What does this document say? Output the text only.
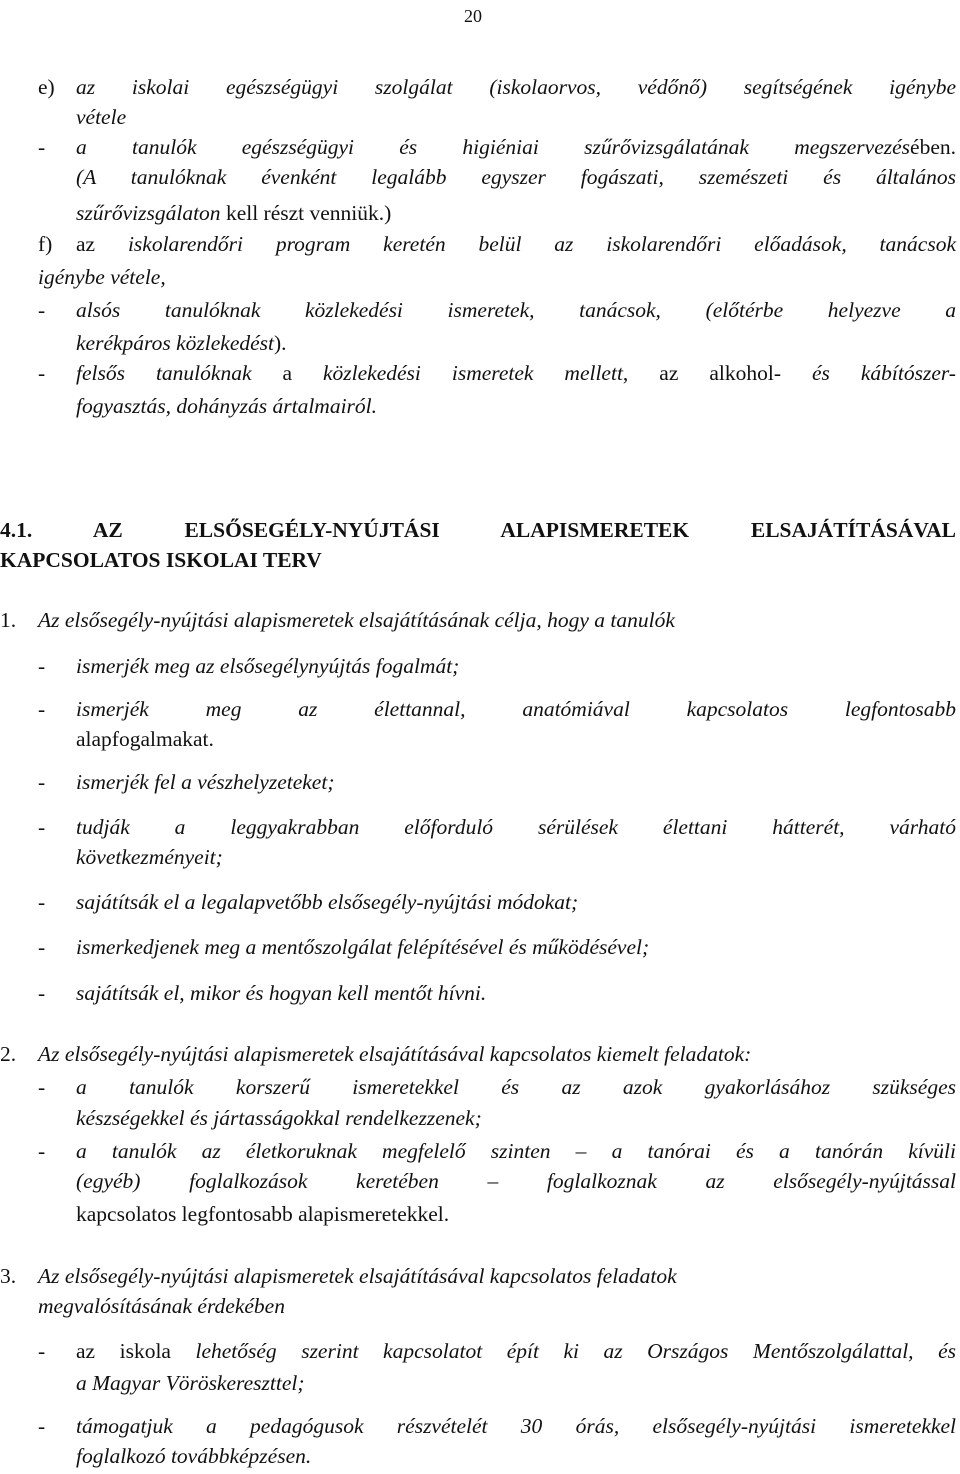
20
e) az iskolai egészségügyi szolgálat (iskolaorvos, védőnő) segítségének igénybe
vétele
- a tanulók egészségügyi és higiéniai szűrővizsgálatának megszervezésében.
(A tanulóknak évenként legalább egyszer fogászati, szemészeti és általános
szűrővizsgálaton kell részt venniük.)
f) az iskolarendőri program keretén belül az iskolarendőri előadások, tanácsok
igénybe vétele,
- alsós tanulóknak közlekedési ismeretek, tanácsok, (előtérbe helyezve a
kerékpáros közlekedést).
- felsős tanulóknak a közlekedési ismeretek mellett, az alkohol- és kábítószer-
fogyasztás, dohányzás ártalmairól.
4.1. AZ ELSŐSEGÉLY-NYÚJTÁSI ALAPISMERETEK ELSAJÁTÍTÁSÁVAL
KAPCSOLATOS ISKOLAI TERV
1. Az elsősegély-nyújtási alapismeretek elsajátításának célja, hogy a tanulók
- ismerjék meg az elsősegélynyújtás fogalmát;
- ismerjék meg az élettannal, anatómiával kapcsolatos legfontosabb
alapfogalmakat.
- ismerjék fel a vészhelyzeteket;
- tudják a leggyakrabban előforduló sérülések élettani hátterét, várható
következményeit;
- sajátítsák el a legalapvetőbb elsősegély-nyújtási módokat;
- ismerkedjenek meg a mentőszolgálat felépítésével és működésével;
- sajátítsák el, mikor és hogyan kell mentőt hívni.
2. Az elsősegély-nyújtási alapismeretek elsajátításával kapcsolatos kiemelt feladatok:
- a tanulók korszerű ismeretekkel és az azok gyakorlásához szükséges
készségekkel és jártasságokkal rendelkezzenek;
- a tanulók az életkoruknak megfelelő szinten – a tanórai és a tanórán kívüli
(egyéb) foglalkozások keretében – foglalkoznak az elsősegély-nyújtással
kapcsolatos legfontosabb alapismeretekkel.
3. Az elsősegély-nyújtási alapismeretek elsajátításával kapcsolatos feladatok
megvalósításának érdekében
- az iskola lehetőség szerint kapcsolatot épít ki az Országos Mentőszolgálattal, és
a Magyar Vöröskereszttel;
- támogatjuk a pedagógusok részvételét 30 órás, elsősegély-nyújtási ismeretekkel
foglalkozó továbbképzésen.
